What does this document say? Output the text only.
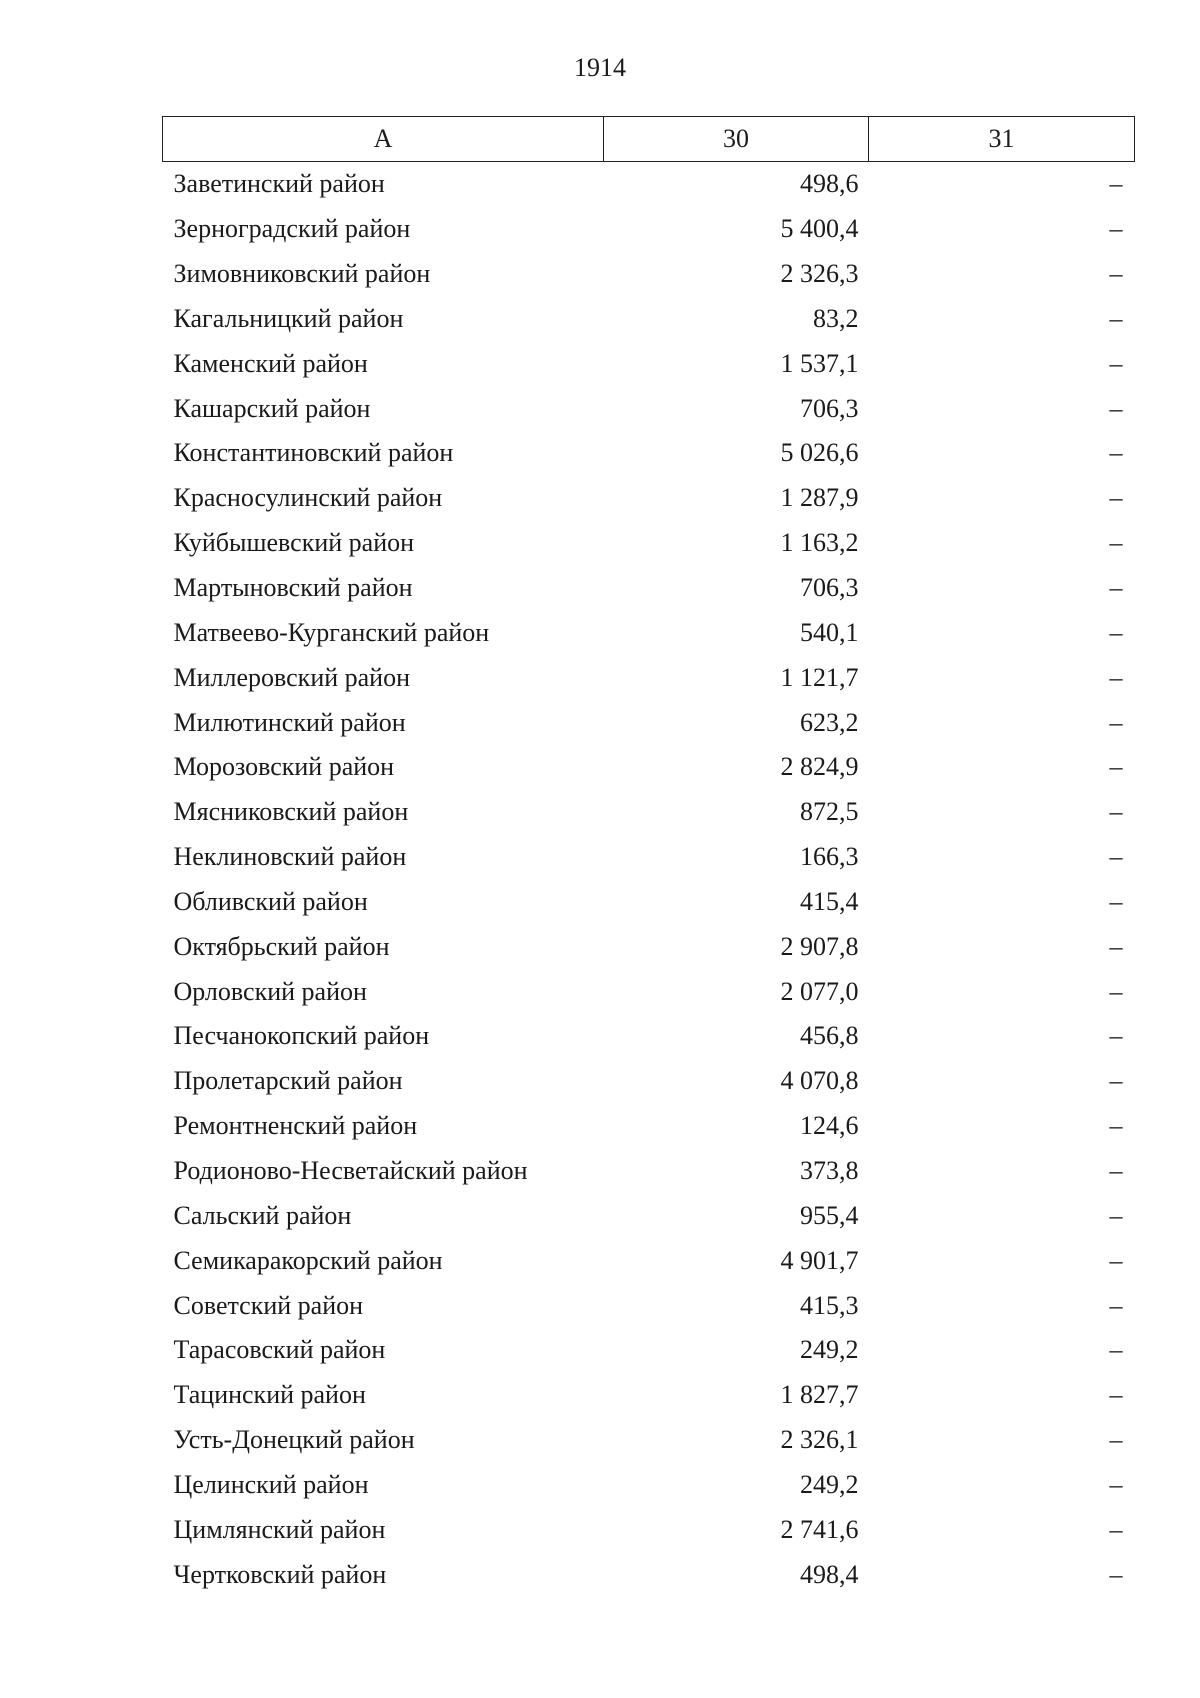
1914
А	30	31
Заветинский район	498,6	–
Зерноградский район	5 400,4	–
Зимовниковский район	2 326,3	–
Кагальницкий район	83,2	–
Каменский район	1 537,1	–
Кашарский район	706,3	–
Константиновский район	5 026,6	–
Красносулинский район	1 287,9	–
Куйбышевский район	1 163,2	–
Мартыновский район	706,3	–
Матвеево-Курганский район	540,1	–
Миллеровский район	1 121,7	–
Милютинский район	623,2	–
Морозовский район	2 824,9	–
Мясниковский район	872,5	–
Неклиновский район	166,3	–
Обливский район	415,4	–
Октябрьский район	2 907,8	–
Орловский район	2 077,0	–
Песчанокопский район	456,8	–
Пролетарский район	4 070,8	–
Ремонтненский район	124,6	–
Родионово-Несветайский район	373,8	–
Сальский район	955,4	–
Семикаракорский район	4 901,7	–
Советский район	415,3	–
Тарасовский район	249,2	–
Тацинский район	1 827,7	–
Усть-Донецкий район	2 326,1	–
Целинский район	249,2	–
Цимлянский район	2 741,6	–
Чертковский район	498,4	–
